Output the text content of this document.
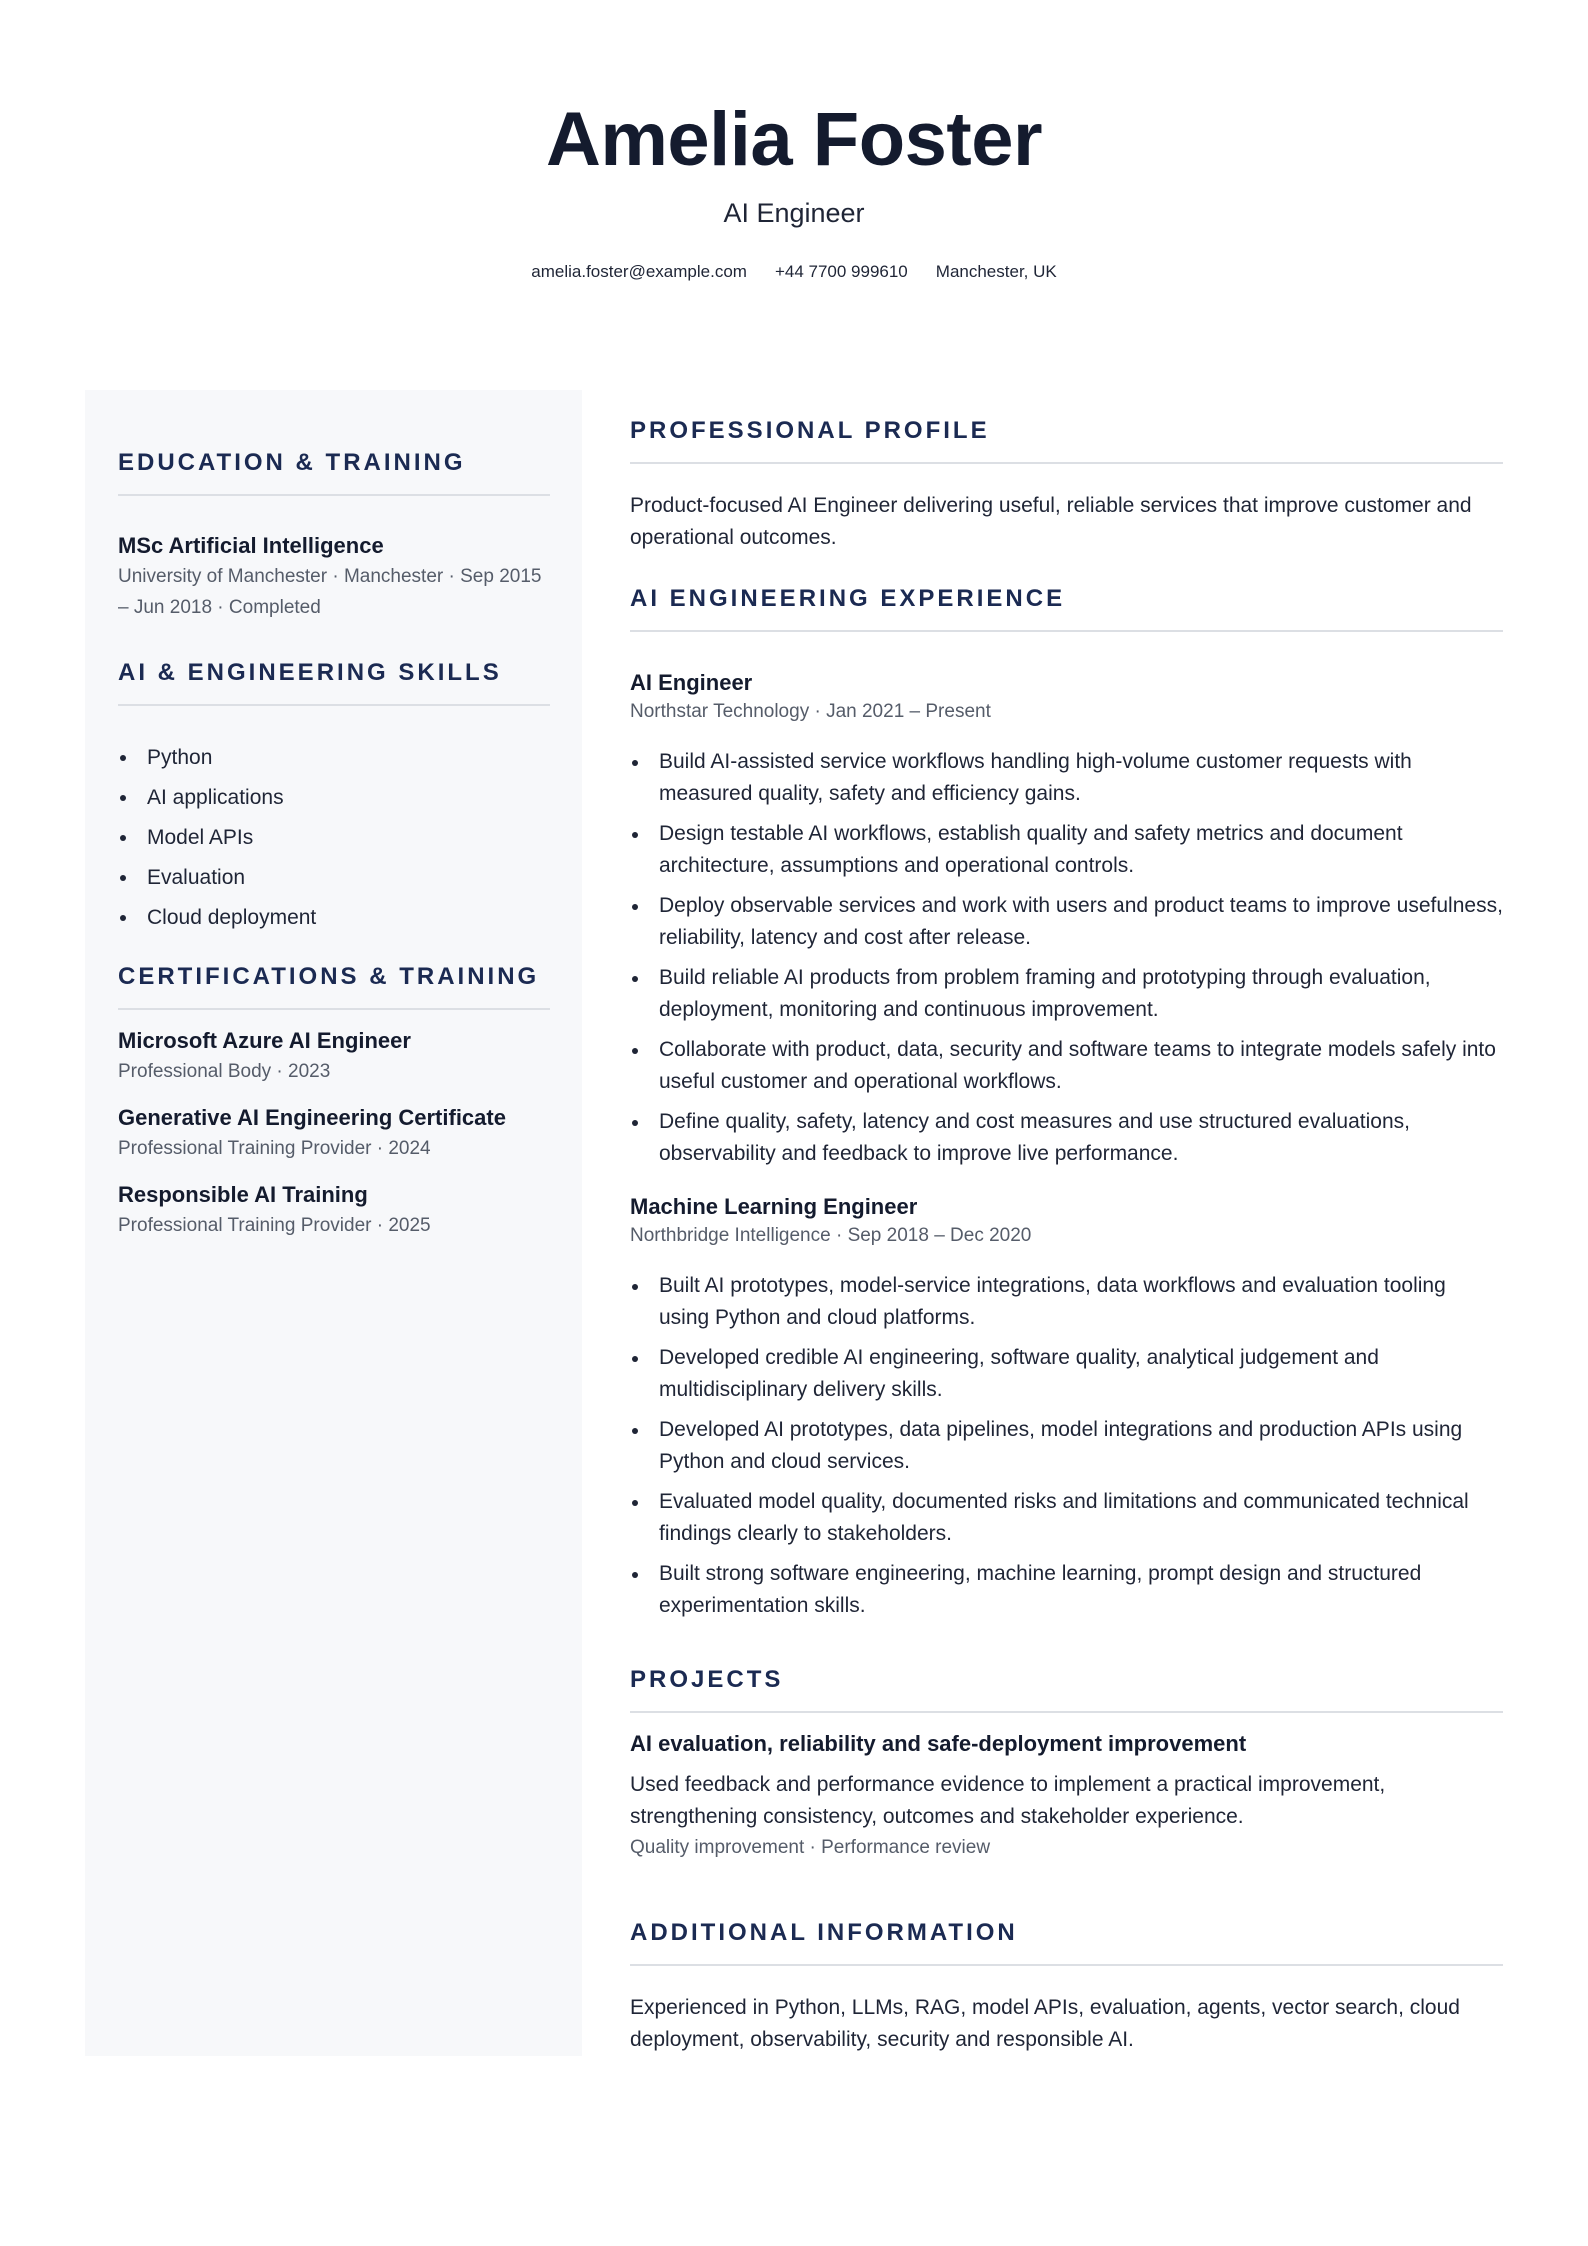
Amelia Foster
AI Engineer
amelia.foster@example.com +44 7700 999610 Manchester, UK
EDUCATION & TRAINING
MSc Artificial Intelligence
University of Manchester · Manchester · Sep 2015
– Jun 2018 · Completed
AI & ENGINEERING SKILLS
Python
AI applications
Model APIs
Evaluation
Cloud deployment
CERTIFICATIONS & TRAINING
Microsoft Azure AI Engineer
Professional Body · 2023
Generative AI Engineering Certificate
Professional Training Provider · 2024
Responsible AI Training
Professional Training Provider · 2025
PROFESSIONAL PROFILE
Product-focused AI Engineer delivering useful, reliable services that improve customer and
operational outcomes.
AI ENGINEERING EXPERIENCE
AI Engineer
Northstar Technology · Jan 2021 – Present
Build AI-assisted service workflows handling high-volume customer requests with
measured quality, safety and efficiency gains.
Design testable AI workflows, establish quality and safety metrics and document
architecture, assumptions and operational controls.
Deploy observable services and work with users and product teams to improve usefulness,
reliability, latency and cost after release.
Build reliable AI products from problem framing and prototyping through evaluation,
deployment, monitoring and continuous improvement.
Collaborate with product, data, security and software teams to integrate models safely into
useful customer and operational workflows.
Define quality, safety, latency and cost measures and use structured evaluations,
observability and feedback to improve live performance.
Machine Learning Engineer
Northbridge Intelligence · Sep 2018 – Dec 2020
Built AI prototypes, model-service integrations, data workflows and evaluation tooling
using Python and cloud platforms.
Developed credible AI engineering, software quality, analytical judgement and
multidisciplinary delivery skills.
Developed AI prototypes, data pipelines, model integrations and production APIs using
Python and cloud services.
Evaluated model quality, documented risks and limitations and communicated technical
findings clearly to stakeholders.
Built strong software engineering, machine learning, prompt design and structured
experimentation skills.
PROJECTS
AI evaluation, reliability and safe-deployment improvement
Used feedback and performance evidence to implement a practical improvement,
strengthening consistency, outcomes and stakeholder experience.
Quality improvement · Performance review
ADDITIONAL INFORMATION
Experienced in Python, LLMs, RAG, model APIs, evaluation, agents, vector search, cloud
deployment, observability, security and responsible AI.
